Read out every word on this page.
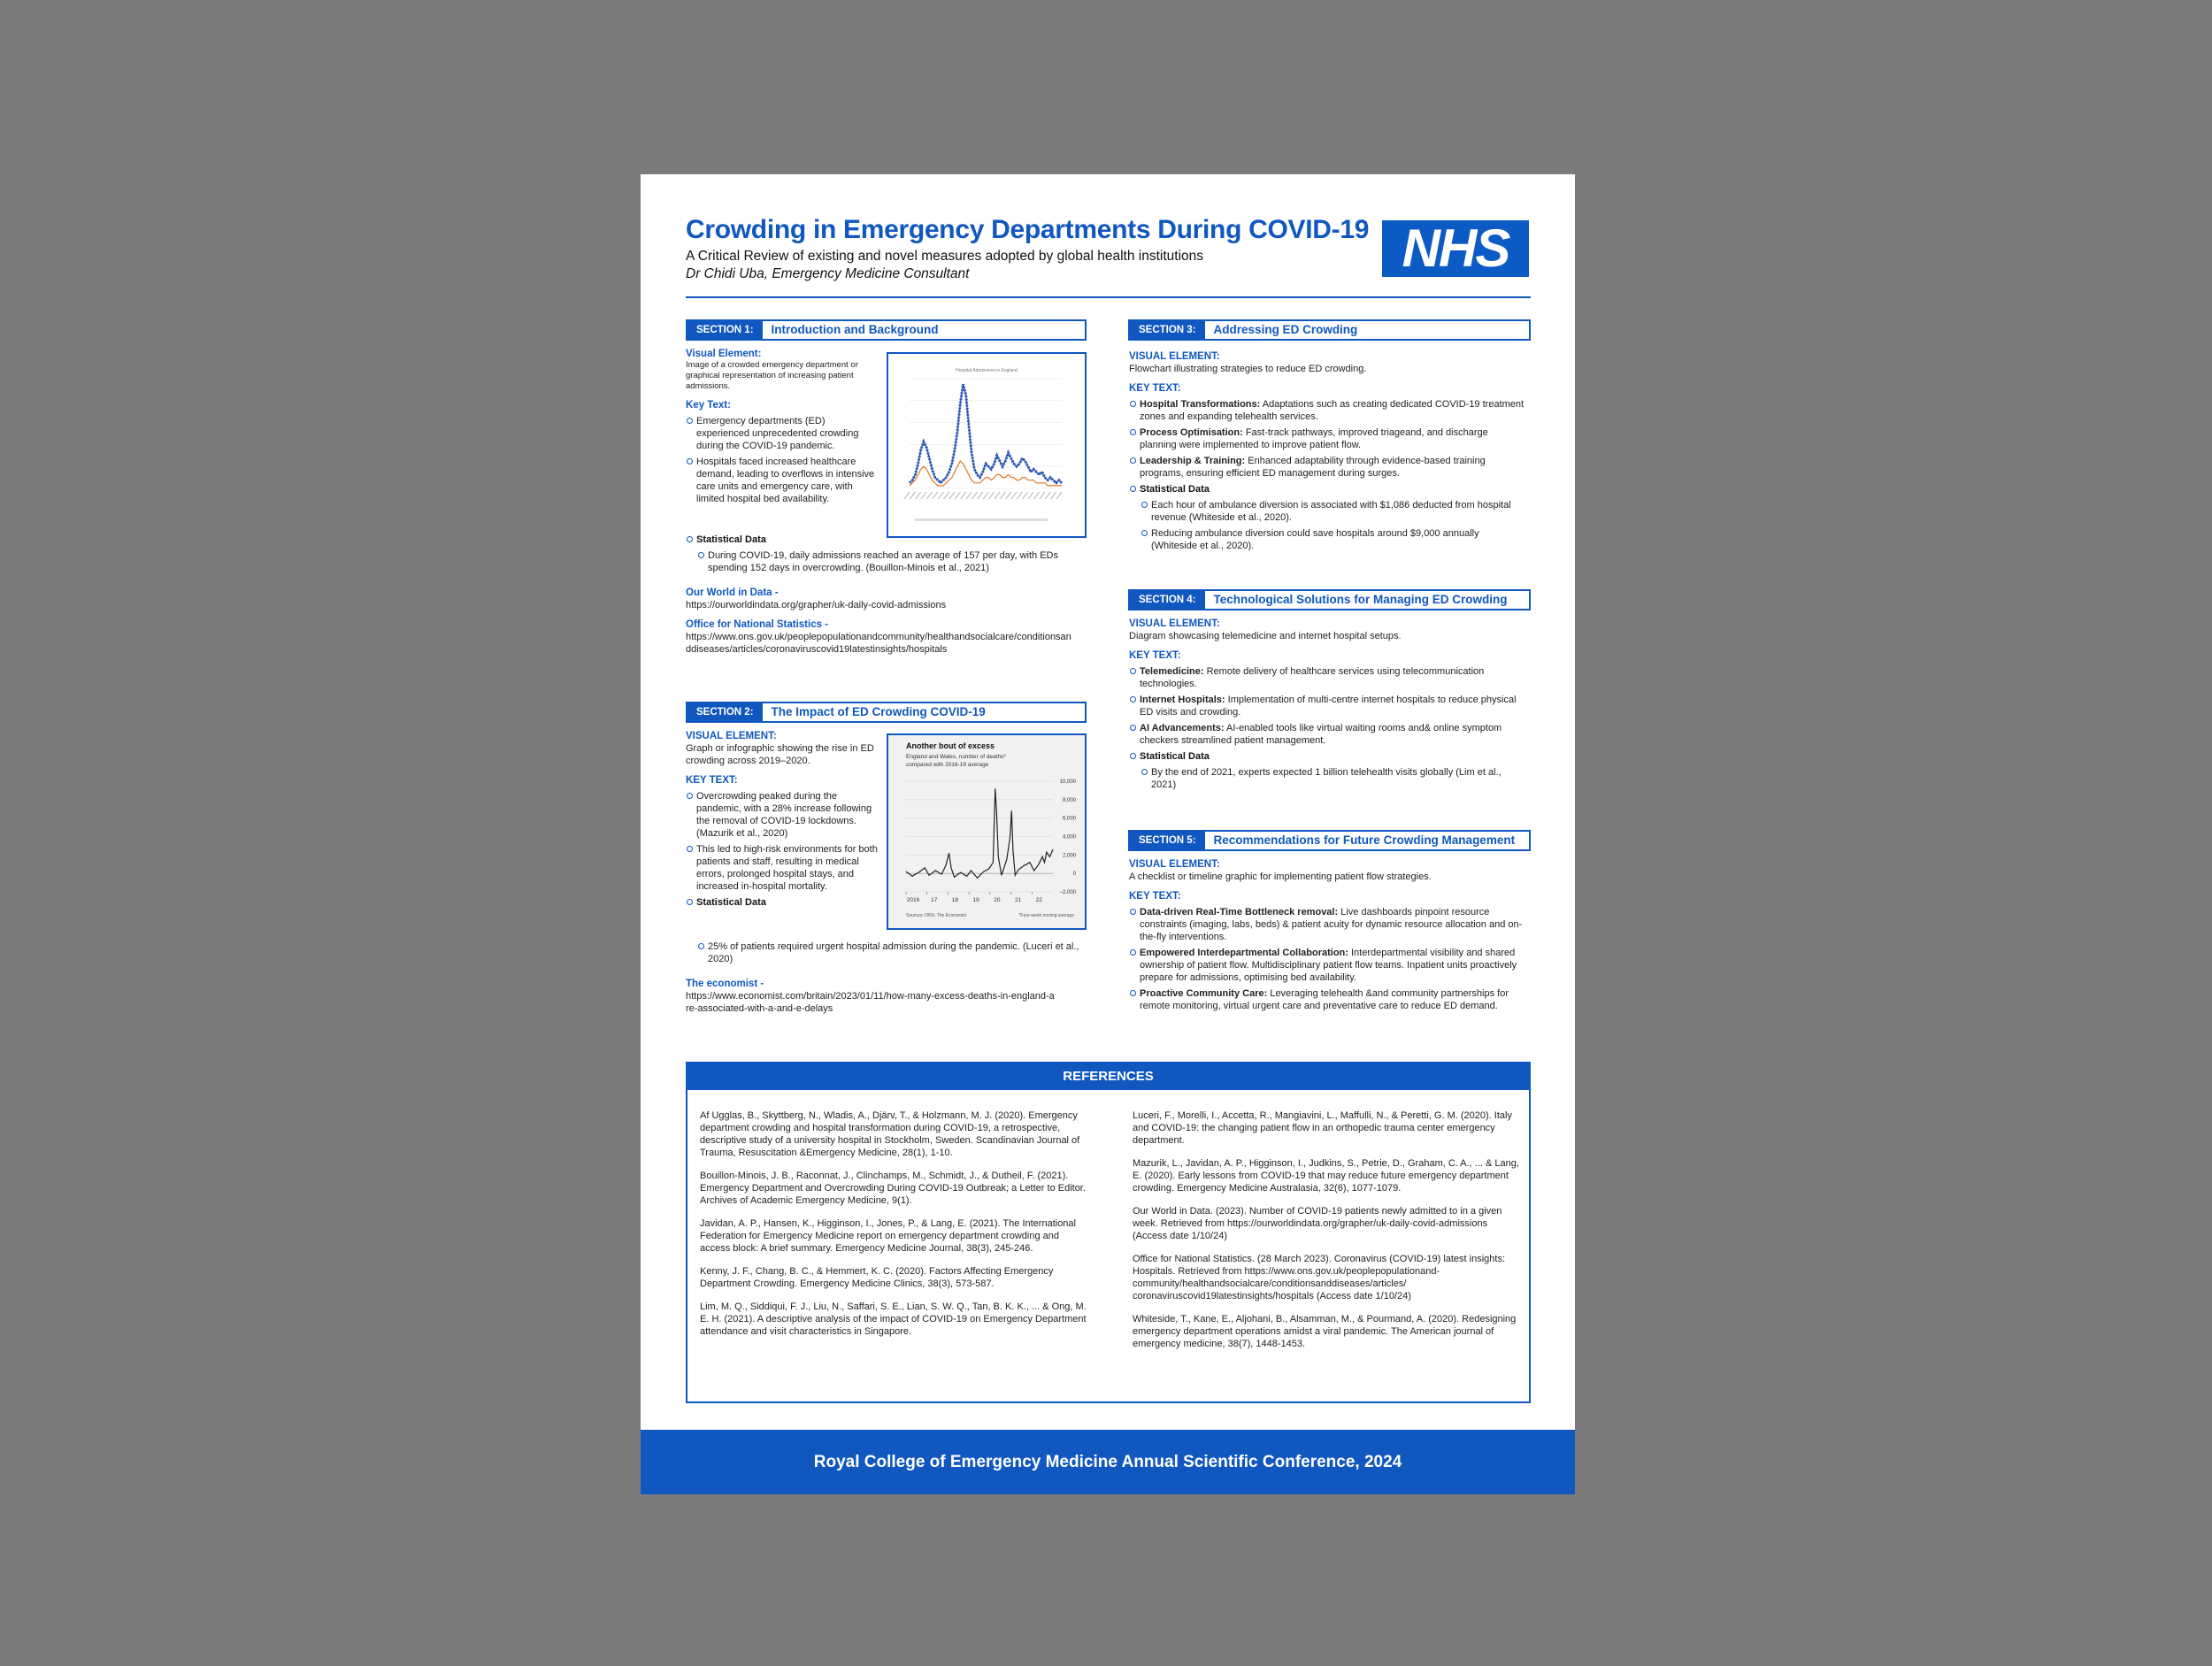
Crowding in Emergency Departments During COVID-19
A Critical Review of existing and novel measures adopted by global health institutions
Dr Chidi Uba, Emergency Medicine Consultant	NHS
SECTION 1:	Introduction and Background
Visual Element:
Image of a crowded emergency department or graphical representation of increasing patient admissions.
Key Text:

Emergency departments (ED) experienced unprecedented crowding during the COVID-19 pandemic.

Hospitals faced increased healthcare demand, leading to overflows in intensive care units and emergency care, with limited hospital bed availability.

Statistical Data

During COVID-19, daily admissions reached an average of 157 per day, with EDs spending 152 days in overcrowding. (Bouillon-Minois et al., 2021)

Our World in Data -
https://ourworldindata.org/grapher/uk-daily-covid-admissions
Office for National Statistics -
https://www.ons.gov.uk/peoplepopulationandcommunity/healthandsocialcare/conditionsanddiseases/articles/coronaviruscovid19latestinsights/hospitals
Hospital Admissions in England
SECTION 2:	The Impact of ED Crowding COVID-19
VISUAL ELEMENT:
Graph or infographic showing the rise in ED crowding across 2019–2020.
KEY TEXT:

Overcrowding peaked during the pandemic, with a 28% increase following the removal of COVID-19 lockdowns.(Mazurik et al., 2020)

This led to high-risk environments for both patients and staff, resulting in medical errors, prolonged hospital stays, and increased in-hospital mortality.

Statistical Data

25% of patients required urgent hospital admission during the pandemic. (Luceri et al., 2020)

The economist -
https://www.economist.com/britain/2023/01/11/how-many-excess-deaths-in-england-are-associated-with-a-and-e-delays
Another bout of excess
England and Wales, number of deaths*
compared with 2016-19 average
10,000
8,000
6,000
4,000
2,000
0
−2,000
2016 17	18	19	20	21	22
Sources: ONS; The Economist	*Four-week moving average
SECTION 3:	Addressing ED Crowding
VISUAL ELEMENT:
Flowchart illustrating strategies to reduce ED crowding.
KEY TEXT:

Hospital Transformations: Adaptations such as creating dedicated COVID-19 treatment zones and expanding telehealth services.

Process Optimisation: Fast-track pathways, improved triageand, and discharge planning were implemented to improve patient flow.

Leadership & Training: Enhanced adaptability through evidence-based training programs, ensuring efficient ED management during surges.

Statistical Data

Each hour of ambulance diversion is associated with $1,086 deducted from hospital revenue (Whiteside et al., 2020).

Reducing ambulance diversion could save hospitals around $9,000 annually (Whiteside et al., 2020).

SECTION 4:	Technological Solutions for Managing ED Crowding
VISUAL ELEMENT:
Diagram showcasing telemedicine and internet hospital setups.
KEY TEXT:

Telemedicine: Remote delivery of healthcare services using telecommunication technologies.

Internet Hospitals: Implementation of multi-centre internet hospitals to reduce physical ED visits and crowding.

AI Advancements: AI-enabled tools like virtual waiting rooms and& online symptom checkers streamlined patient management.

Statistical Data

By the end of 2021, experts expected 1 billion telehealth visits globally (Lim et al., 2021)

SECTION 5:	Recommendations for Future Crowding Management
VISUAL ELEMENT:
A checklist or timeline graphic for implementing patient flow strategies.
KEY TEXT:

Data-driven Real-Time Bottleneck removal: Live dashboards pinpoint resource constraints (imaging, labs, beds) & patient acuity for dynamic resource allocation and on-the-fly interventions.

Empowered Interdepartmental Collaboration: Interdepartmental visibility and shared ownership of patient flow. Multidisciplinary patient flow teams. Inpatient units proactively prepare for admissions, optimising bed availability.

Proactive Community Care: Leveraging telehealth &and community partnerships for remote monitoring, virtual urgent care and preventative care to reduce ED demand.

REFERENCES

Af Ugglas, B., Skyttberg, N., Wladis, A., Djärv, T., & Holzmann, M. J. (2020). Emergency department crowding and hospital transformation during COVID-19, a retrospective, descriptive study of a university hospital in Stockholm, Sweden. Scandinavian Journal of Trauma, Resuscitation &Emergency Medicine, 28(1), 1-10.

Bouillon-Minois, J. B., Raconnat, J., Clinchamps, M., Schmidt, J., & Dutheil, F. (2021). Emergency Department and Overcrowding During COVID-19 Outbreak; a Letter to Editor. Archives of Academic Emergency Medicine, 9(1).

Javidan, A. P., Hansen, K., Higginson, I., Jones, P., & Lang, E. (2021). The International Federation for Emergency Medicine report on emergency department crowding and access block: A brief summary. Emergency Medicine Journal, 38(3), 245-246.

Kenny, J. F., Chang, B. C., & Hemmert, K. C. (2020). Factors Affecting Emergency Department Crowding. Emergency Medicine Clinics, 38(3), 573-587.

Lim, M. Q., Siddiqui, F. J., Liu, N., Saffari, S. E., Lian, S. W. Q., Tan, B. K. K., ... & Ong, M. E. H. (2021). A descriptive analysis of the impact of COVID-19 on Emergency Department attendance and visit characteristics in Singapore.

Luceri, F., Morelli, I., Accetta, R., Mangiavini, L., Maffulli, N., & Peretti, G. M. (2020). Italy and COVID-19: the changing patient flow in an orthopedic trauma center emergency department.

Mazurik, L., Javidan, A. P., Higginson, I., Judkins, S., Petrie, D., Graham, C. A., ... & Lang, E. (2020). Early lessons from COVID-19 that may reduce future emergency department crowding. Emergency Medicine Australasia, 32(6), 1077-1079.

Our World in Data. (2023). Number of COVID-19 patients newly admitted to in a given week. Retrieved from https://ourworldindata.org/grapher/uk-daily-covid-admissions (Access date 1/10/24)

Office for National Statistics. (28 March 2023). Coronavirus (COVID-19) latest insights: Hospitals. Retrieved from https://www.ons.gov.uk/peoplepopulationand-community/healthandsocialcare/conditionsanddiseases/articles/ coronaviruscovid19latestinsights/hospitals (Access date 1/10/24)

Whiteside, T., Kane, E., Aljohani, B., Alsamman, M., & Pourmand, A. (2020). Redesigning emergency department operations amidst a viral pandemic. The American journal of emergency medicine, 38(7), 1448-1453.

Royal College of Emergency Medicine Annual Scientific Conference, 2024
